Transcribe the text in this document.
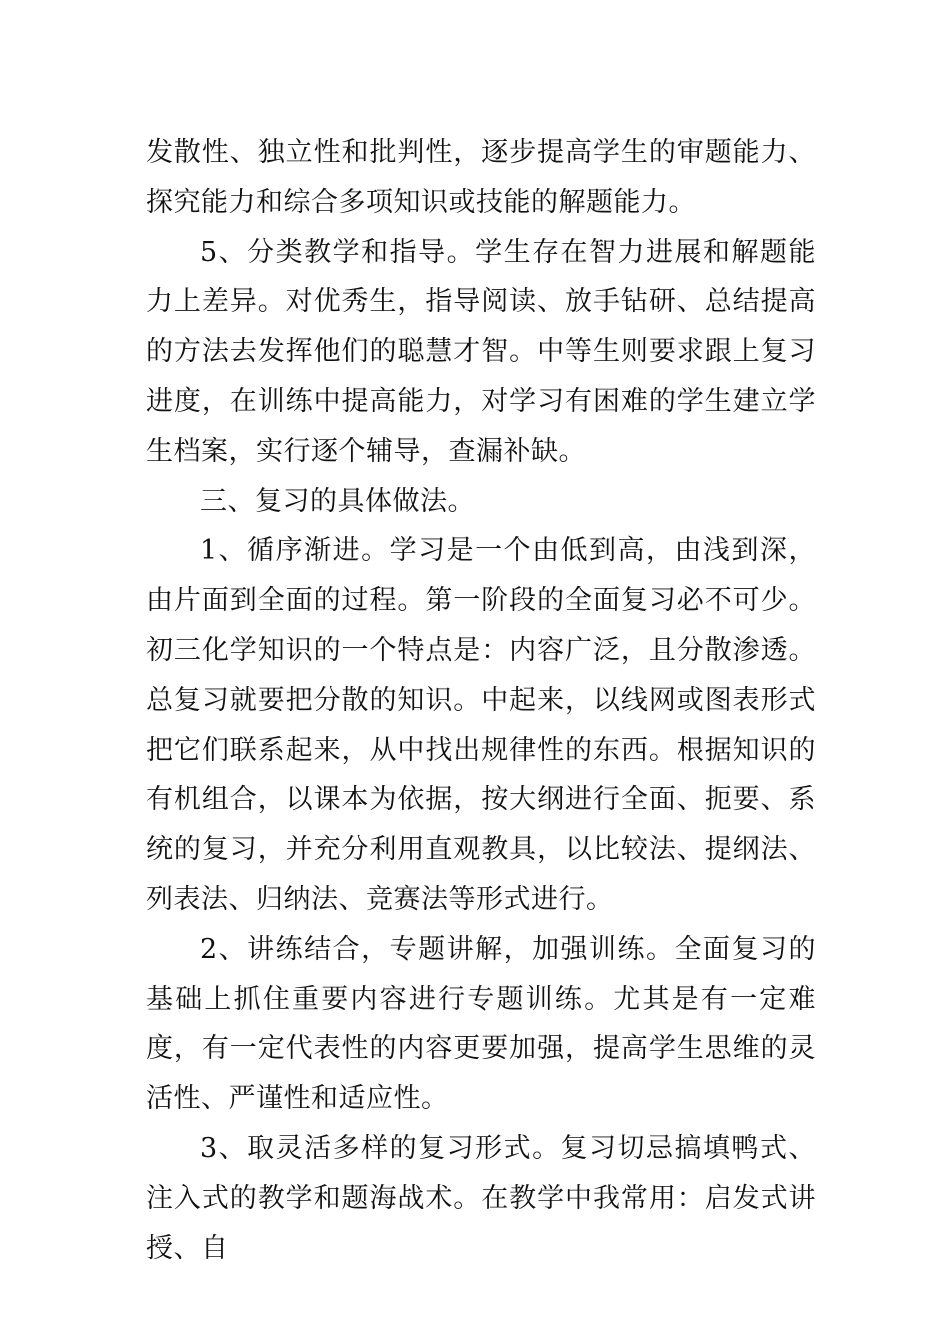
发散性、独立性和批判性，逐步提高学生的审题能力、探究能力和综合多项知识或技能的解题能力。

5、分类教学和指导。学生存在智力进展和解题能力上差异。对优秀生，指导阅读、放手钻研、总结提高的方法去发挥他们的聪慧才智。中等生则要求跟上复习进度，在训练中提高能力，对学习有困难的学生建立学生档案，实行逐个辅导，查漏补缺。

三、复习的具体做法。

1、循序渐进。学习是一个由低到高，由浅到深，由片面到全面的过程。第一阶段的全面复习必不可少。初三化学知识的一个特点是：内容广泛，且分散渗透。总复习就要把分散的知识。中起来，以线网或图表形式把它们联系起来，从中找出规律性的东西。根据知识的有机组合，以课本为依据，按大纲进行全面、扼要、系统的复习，并充分利用直观教具，以比较法、提纲法、列表法、归纳法、竞赛法等形式进行。

2、讲练结合，专题讲解，加强训练。全面复习的基础上抓住重要内容进行专题训练。尤其是有一定难度，有一定代表性的内容更要加强，提高学生思维的灵活性、严谨性和适应性。

3、取灵活多样的复习形式。复习切忌搞填鸭式、注入式的教学和题海战术。在教学中我常用：启发式讲授、自
